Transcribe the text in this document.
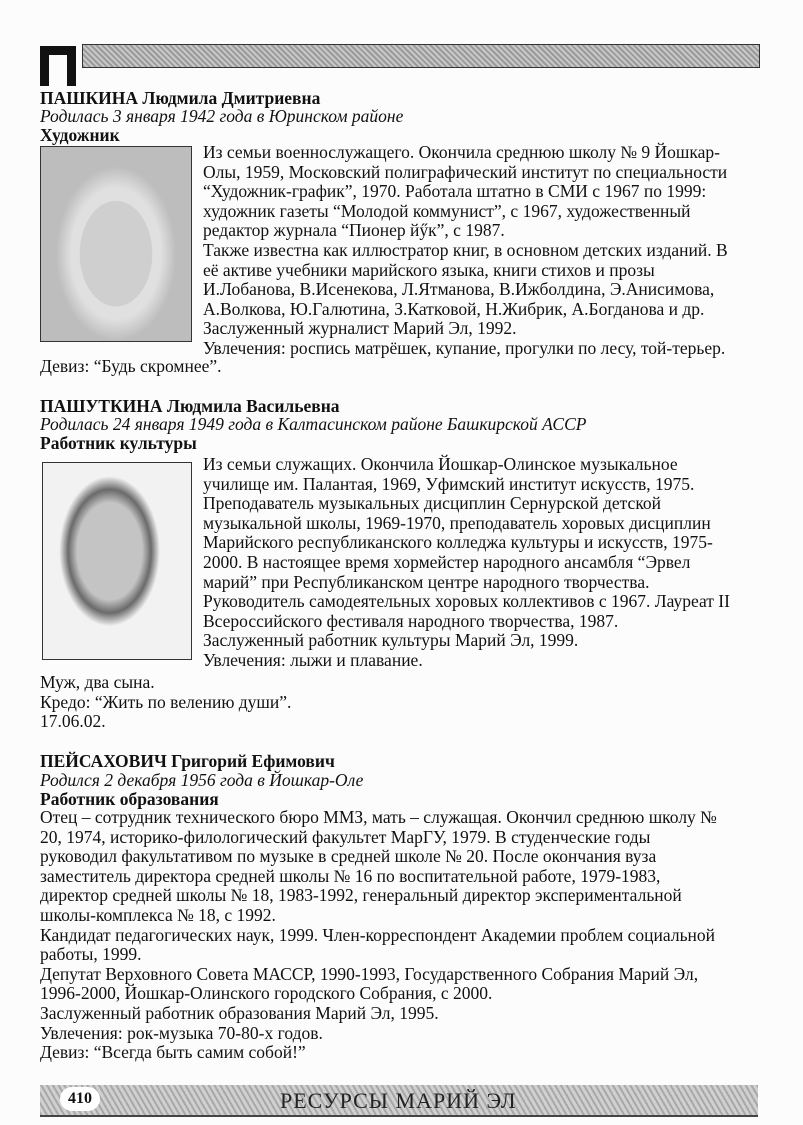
ПАШКИНА Людмила Дмитриевна
Родилась 3 января 1942 года в Юринском районе
Художник
Из семьи военнослужащего. Окончила среднюю школу № 9 Йошкар-
Олы, 1959, Московский полиграфический институт по специальности
“Художник-график”, 1970. Работала штатно в СМИ с 1967 по 1999:
художник газеты “Молодой коммунист”, с 1967, художественный
редактор журнала “Пионер йӳк”, с 1987.
Также известна как иллюстратор книг, в основном детских изданий. В
её активе учебники марийского языка, книги стихов и прозы
И.Лобанова, В.Исенекова, Л.Ятманова, В.Ижболдина, Э.Анисимова,
А.Волкова, Ю.Галютина, З.Катковой, Н.Жибрик, А.Богданова и др.
Заслуженный журналист Марий Эл, 1992.
Увлечения: роспись матрёшек, купание, прогулки по лесу, той-терьер.
Девиз: “Будь скромнее”.
ПАШУТКИНА Людмила Васильевна
Родилась 24 января 1949 года в Калтасинском районе Башкирской АССР
Работник культуры
Из семьи служащих. Окончила Йошкар-Олинское музыкальное
училище им. Палантая, 1969, Уфимский институт искусств, 1975.
Преподаватель музыкальных дисциплин Сернурской детской
музыкальной школы, 1969-1970, преподаватель хоровых дисциплин
Марийского республиканского колледжа культуры и искусств, 1975-
2000. В настоящее время хормейстер народного ансамбля “Эрвел
марий” при Республиканском центре народного творчества.
Руководитель самодеятельных хоровых коллективов с 1967. Лауреат II
Всероссийского фестиваля народного творчества, 1987.
Заслуженный работник культуры Марий Эл, 1999.
Увлечения: лыжи и плавание.
Муж, два сына.
Кредо: “Жить по велению души”.
17.06.02.
ПЕЙСАХОВИЧ Григорий Ефимович
Родился 2 декабря 1956 года в Йошкар-Оле
Работник образования
Отец – сотрудник технического бюро ММЗ, мать – служащая. Окончил среднюю школу №
20, 1974, историко-филологический факультет МарГУ, 1979. В студенческие годы
руководил факультативом по музыке в средней школе № 20. После окончания вуза
заместитель директора средней школы № 16 по воспитательной работе, 1979-1983,
директор средней школы № 18, 1983-1992, генеральный директор экспериментальной
школы-комплекса № 18, с 1992.
Кандидат педагогических наук, 1999. Член-корреспондент Академии проблем социальной
работы, 1999.
Депутат Верховного Совета МАССР, 1990-1993, Государственного Собрания Марий Эл,
1996-2000, Йошкар-Олинского городского Собрания, с 2000.
Заслуженный работник образования Марий Эл, 1995.
Увлечения: рок-музыка 70-80-х годов.
Девиз: “Всегда быть самим собой!”
410	РЕСУРСЫ МАРИЙ ЭЛ
